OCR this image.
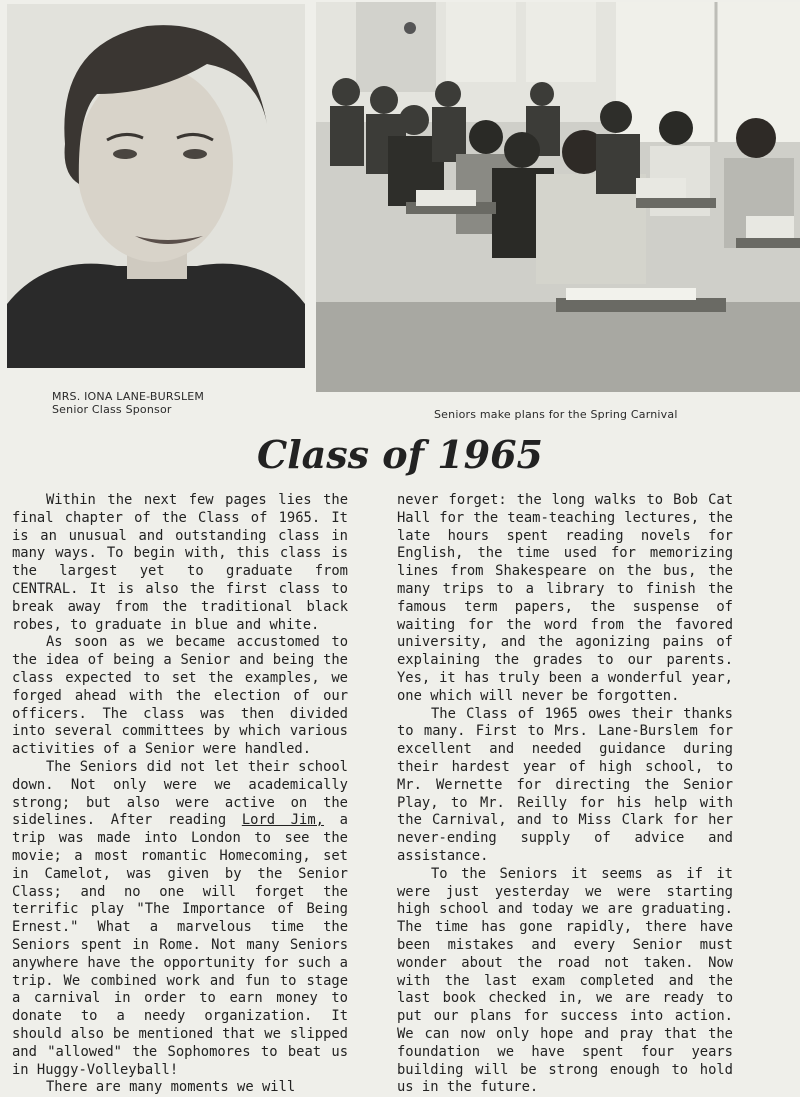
MRS. IONA LANE-BURSLEM
Senior Class Sponsor	Seniors make plans for the Spring Carnival
Class of 1965

Within the next few pages lies the final chapter of the Class of 1965. It is an unusual and outstanding class in many ways. To begin with, this class is the largest yet to graduate from CENTRAL. It is also the first class to break away from the traditional black robes, to graduate in blue and white.

As soon as we became accustomed to the idea of being a Senior and being the class expected to set the examples, we forged ahead with the election of our officers. The class was then divided into several committees by which various activities of a Senior were handled.

The Seniors did not let their school down. Not only were we academically strong; but also were active on the sidelines. After reading Lord Jim, a trip was made into London to see the movie; a most romantic Homecoming, set in Camelot, was given by the Senior Class; and no one will forget the terrific play "The Importance of Being Ernest." What a marvelous time the Seniors spent in Rome. Not many Seniors anywhere have the opportunity for such a trip. We combined work and fun to stage a carnival in order to earn money to donate to a needy organization. It should also be mentioned that we slipped and "allowed" the Sophomores to beat us in Huggy-Volleyball!

There are many moments we will

never forget: the long walks to Bob Cat Hall for the team-teaching lectures, the late hours spent reading novels for English, the time used for memorizing lines from Shakespeare on the bus, the many trips to a library to finish the famous term papers, the suspense of waiting for the word from the favored university, and the agonizing pains of explaining the grades to our parents. Yes, it has truly been a wonderful year, one which will never be forgotten.

The Class of 1965 owes their thanks to many. First to Mrs. Lane-Burslem for excellent and needed guidance during their hardest year of high school, to Mr. Wernette for directing the Senior Play, to Mr. Reilly for his help with the Carnival, and to Miss Clark for her never-ending supply of advice and assistance.

To the Seniors it seems as if it were just yesterday we were starting high school and today we are graduating. The time has gone rapidly, there have been mistakes and every Senior must wonder about the road not taken. Now with the last exam completed and the last book checked in, we are ready to put our plans for success into action. We can now only hope and pray that the foundation we have spent four years building will be strong enough to hold us in the future.
